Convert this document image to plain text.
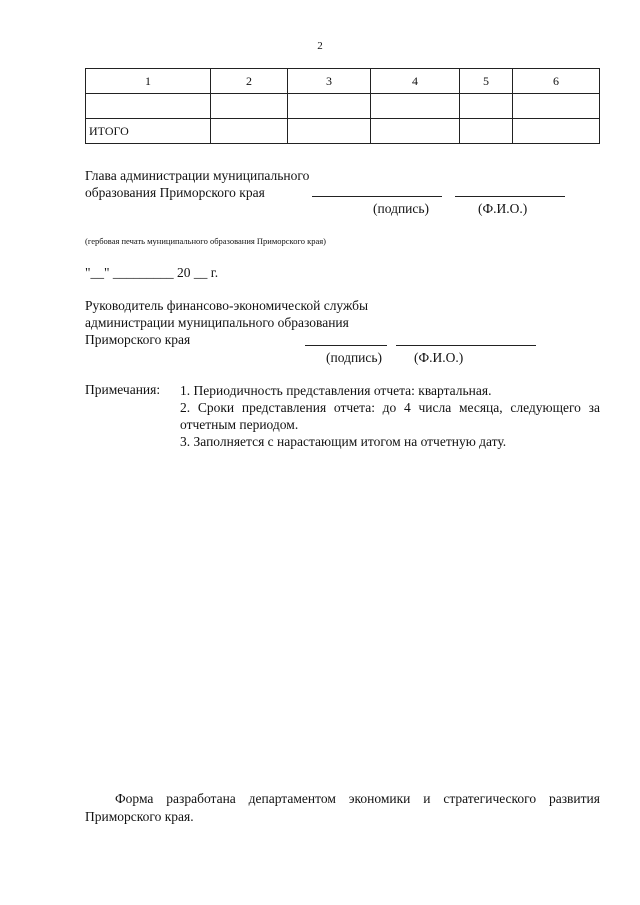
2
1	2	3	4	5	6

ИТОГО					
Глава администрации муниципального
образования Приморского края
(подпись)	(Ф.И.О.)
(гербовая печать муниципального образования Приморского края)
"__" _________ 20 __ г.
Руководитель финансово-экономической службы
администрации муниципального образования
Приморского края
(подпись) (Ф.И.О.)
Примечания: 1. Периодичность представления отчета: квартальная.
2. Сроки представления отчета: до 4 числа месяца, следующего за отчетным периодом.
3. Заполняется с нарастающим итогом на отчетную дату.
Форма разработана департаментом экономики и стратегического развития Приморского края.
